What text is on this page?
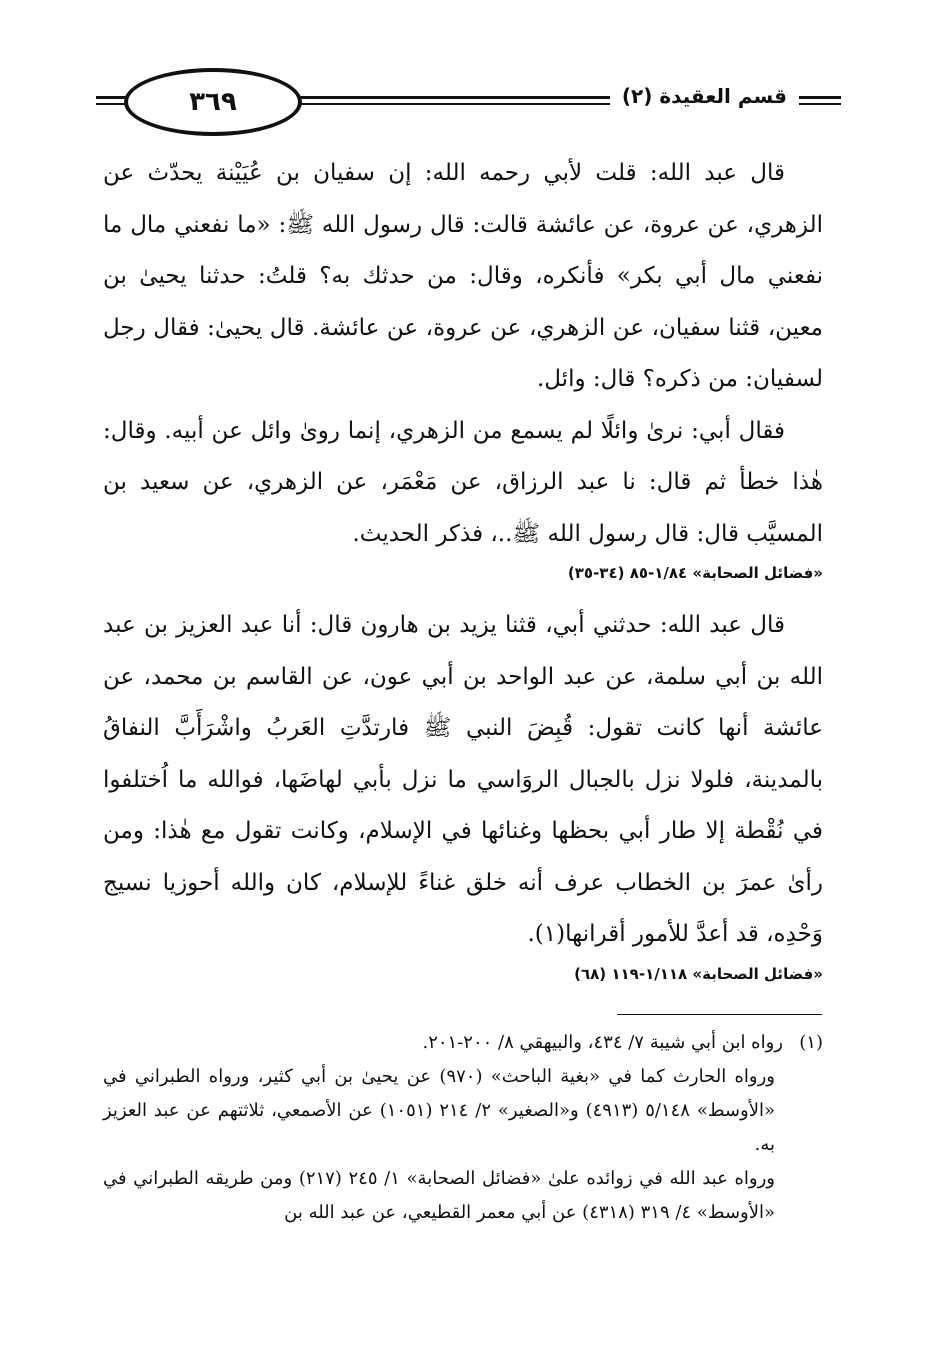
٣٦٩	قسم العقيدة (٢)

قال عبد الله: قلت لأبي رحمه الله: إن سفيان بن عُيَيْنة يحدّث عن الزهري، عن عروة، عن عائشة قالت: قال رسول الله ﷺ: «ما نفعني مال ما نفعني مال أبي بكر» فأنكره، وقال: من حدثك به؟ قلتُ: حدثنا يحيىٰ بن معين، قثنا سفيان، عن الزهري، عن عروة، عن عائشة. قال يحيىٰ: فقال رجل لسفيان: من ذكره؟ قال: وائل.

فقال أبي: نرىٰ وائلًا لم يسمع من الزهري، إنما روىٰ وائل عن أبيه. وقال: هٰذا خطأ ثم قال: نا عبد الرزاق، عن مَعْمَر، عن الزهري، عن سعيد بن المسيَّب قال: قال رسول الله ﷺ..، فذكر الحديث.

«فضائل الصحابة» ١/٨٤-٨٥ (٣٤-٣٥)

قال عبد الله: حدثني أبي، قثنا يزيد بن هارون قال: أنا عبد العزيز بن عبد الله بن أبي سلمة، عن عبد الواحد بن أبي عون، عن القاسم بن محمد، عن عائشة أنها كانت تقول: قُبِضَ النبي ﷺ فارتدَّتِ العَربُ واشْرَأَبَّ النفاقُ بالمدينة، فلولا نزل بالجبال الروَاسي ما نزل بأبي لهاضَها، فوالله ما اُختلفوا في نُقْطة إلا طار أبي بحظها وغنائها في الإسلام، وكانت تقول مع هٰذا: ومن رأىٰ عمرَ بن الخطاب عرف أنه خلق غناءً للإسلام، كان والله أحوزيا نسيج وَحْدِه، قد أعدَّ للأمور أقرانها(١).

«فضائل الصحابة» ١/١١٨-١١٩ (٦٨)
(١)رواه ابن أبي شيبة ٧/ ٤٣٤، والبيهقي ٨/ ٢٠٠-٢٠١.
ورواه الحارث كما في «بغية الباحث» (٩٧٠) عن يحيىٰ بن أبي كثير، ورواه الطبراني في «الأوسط» ٥/١٤٨ (٤٩١٣) و«الصغير» ٢/ ٢١٤ (١٠٥١) عن الأصمعي، ثلاثتهم عن عبد العزيز به.
ورواه عبد الله في زوائده علىٰ «فضائل الصحابة» ١/ ٢٤٥ (٢١٧) ومن طريقه الطبراني في «الأوسط» ٤/ ٣١٩ (٤٣١٨) عن أبي معمر القطيعي، عن عبد الله بن
